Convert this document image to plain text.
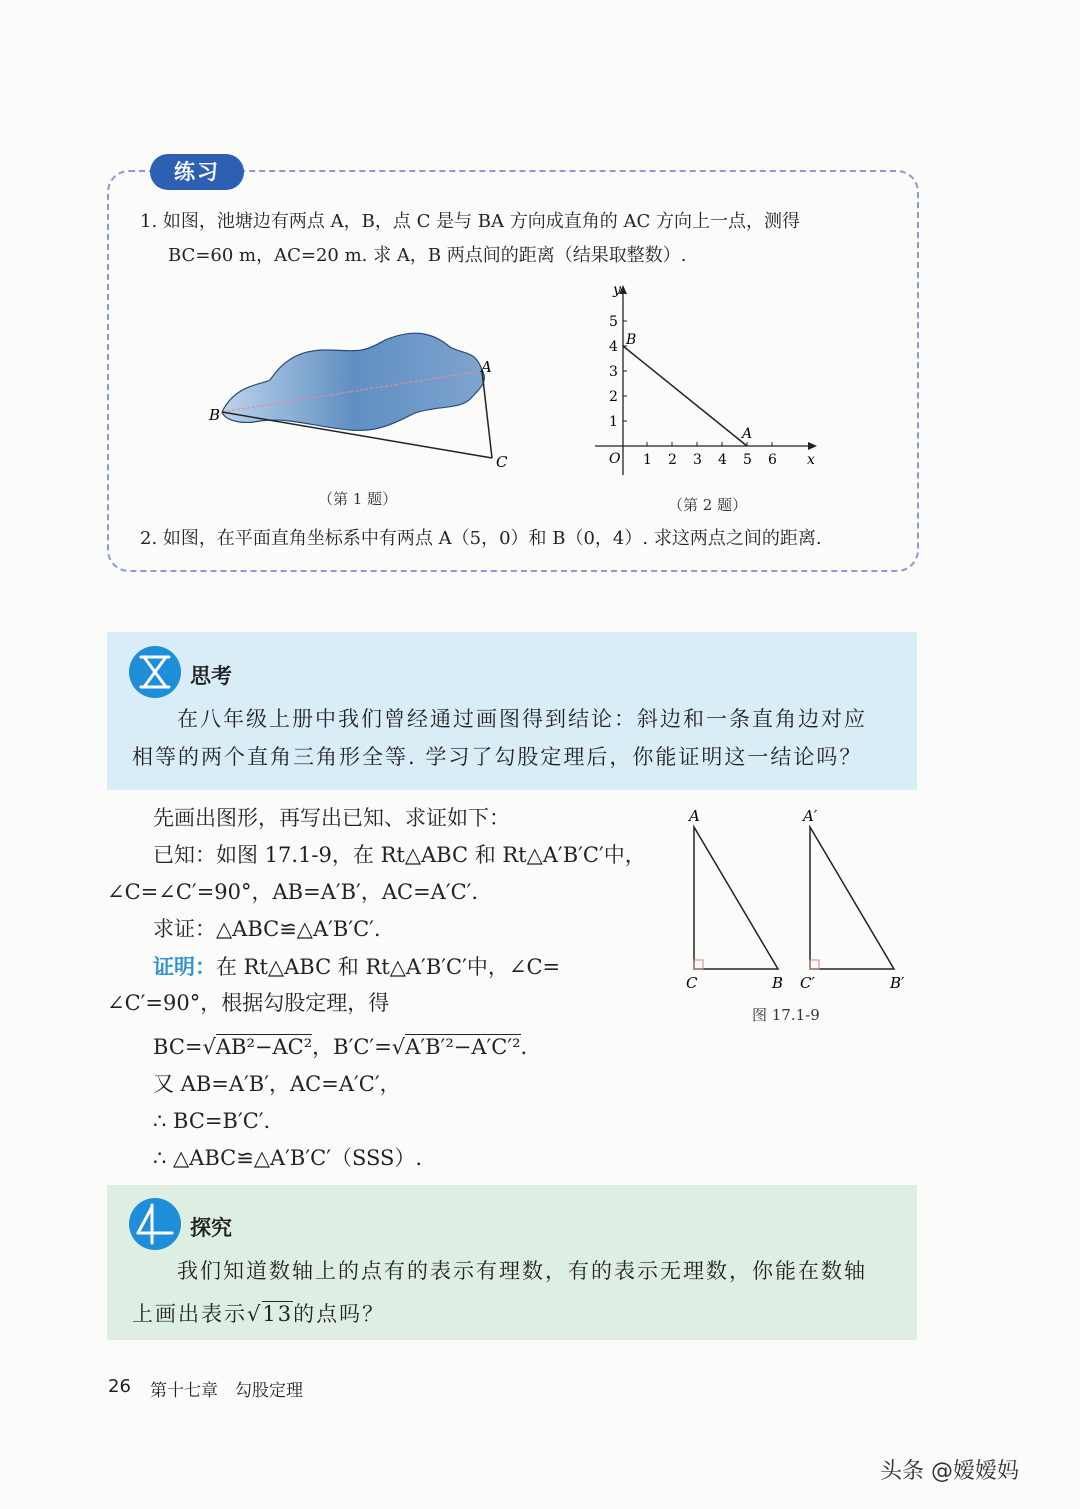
练习
1. 如图，池塘边有两点 A，B，点 C 是与 BA 方向成直角的 AC 方向上一点，测得
BC=60 m，AC=20 m. 求 A，B 两点间的距离（结果取整数）.
A
B
C
（第 1 题）
y
x
O
B
A
1 2 3 4 5 6
1
2
3
4
5
（第 2 题）
2. 如图，在平面直角坐标系中有两点 A（5，0）和 B（0，4）. 求这两点之间的距离.
思考
在八年级上册中我们曾经通过画图得到结论：斜边和一条直角边对应
相等的两个直角三角形全等. 学习了勾股定理后，你能证明这一结论吗？
先画出图形，再写出已知、求证如下：
已知：如图 17.1-9，在 Rt△ABC 和 Rt△A′B′C′中，
∠C=∠C′=90°，AB=A′B′，AC=A′C′.
求证：△ABC≌△A′B′C′.
证明：在 Rt△ABC 和 Rt△A′B′C′中，∠C=
∠C′=90°，根据勾股定理，得
BC=√AB²−AC²，B′C′=√A′B′²−A′C′².
又 AB=A′B′，AC=A′C′，
∴ BC=B′C′.
∴ △ABC≌△A′B′C′（SSS）.
A
C	B
A′
C′	B′
图 17.1-9
探究
我们知道数轴上的点有的表示有理数，有的表示无理数，你能在数轴
上画出表示√13的点吗？
26 第十七章　勾股定理
头条 @嫒嫒妈
